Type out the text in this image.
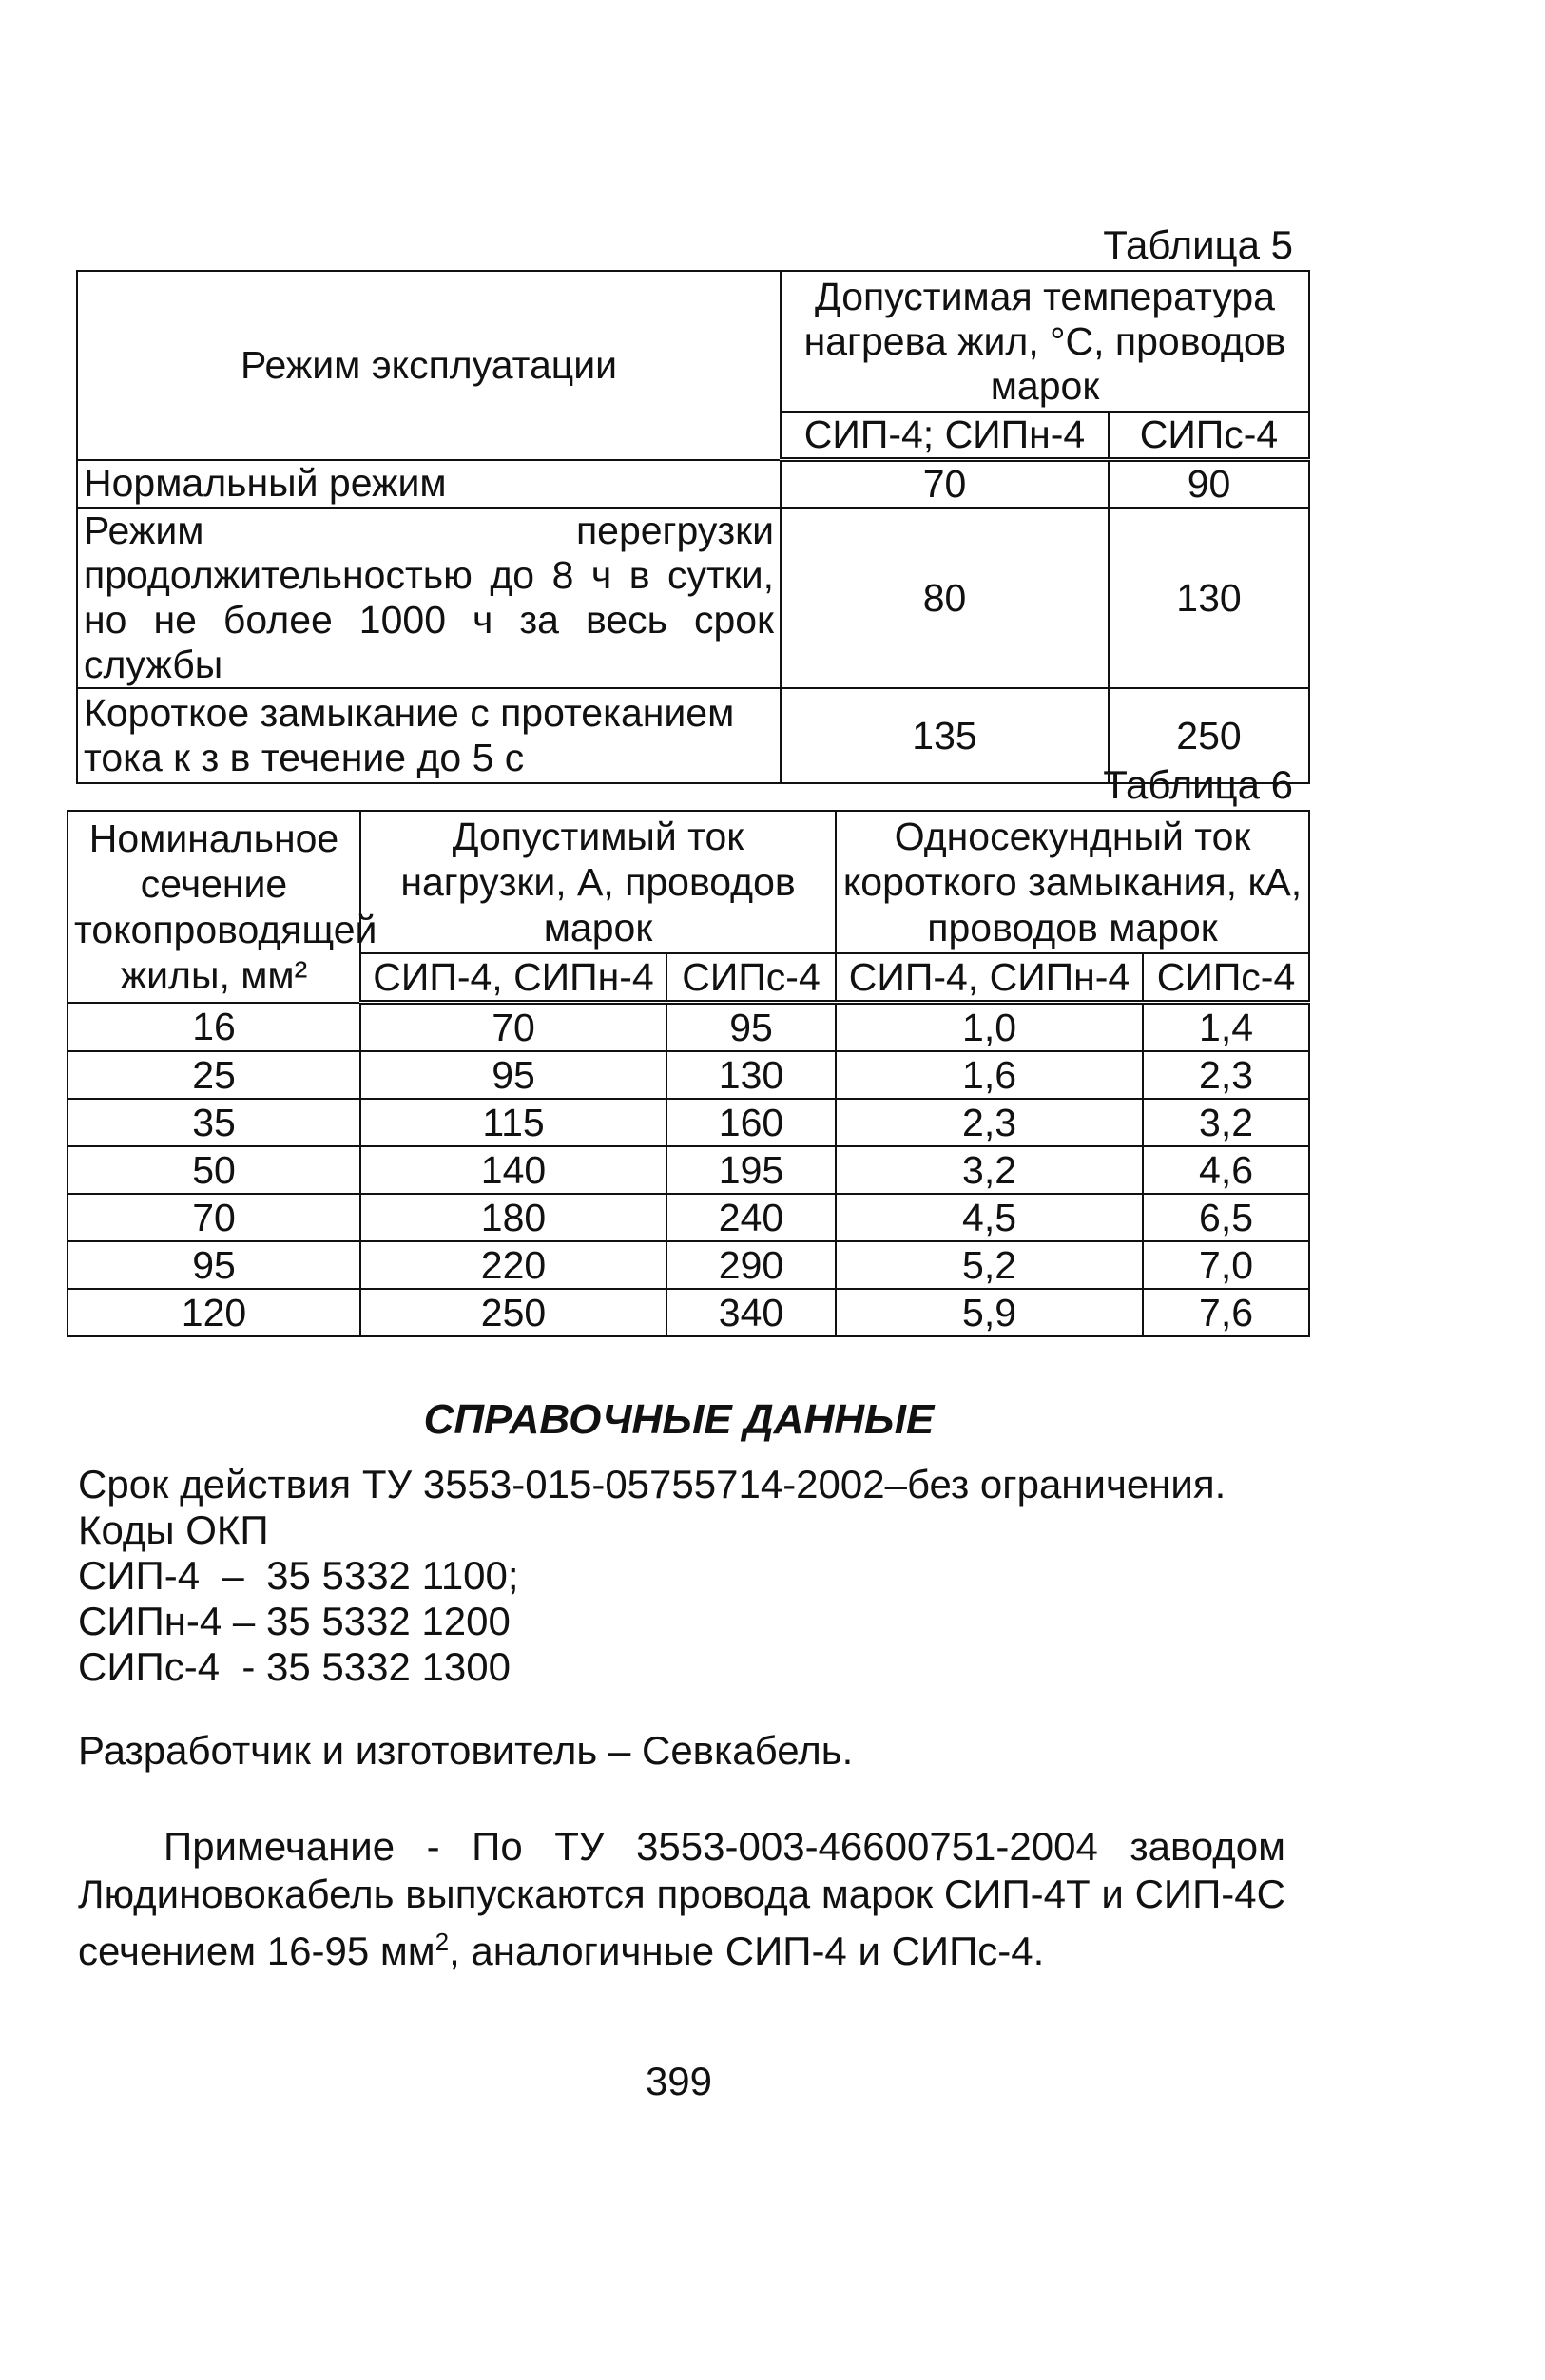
Таблица 5
Режим эксплуатации	Допустимая температура нагрева жил, °С, проводов марок	
	СИП-4; СИПн-4	СИПс-4
Нормальный режим	70	90
Режим перегрузки продолжительностью до 8 ч в сутки, но не более 1000 ч за весь срок службы	80	130
Короткое замыкание с протеканием тока к з в течение до 5 с	135	250
Таблица 6
Номинальное сечение токопроводящей жилы, мм²	Допустимый ток нагрузки, А, проводов марок		Односекундный ток короткого замыкания, кА, проводов марок	
	СИП-4, СИПн-4	СИПс-4	СИП-4, СИПн-4	СИПс-4
16	70	95	1,0	1,4
25	95	130	1,6	2,3
35	115	160	2,3	3,2
50	140	195	3,2	4,6
70	180	240	4,5	6,5
95	220	290	5,2	7,0
120	250	340	5,9	7,6
СПРАВОЧНЫЕ ДАННЫЕ
Срок действия ТУ 3553-015-05755714-2002–без ограничения.
Коды ОКП
СИП-4  –  35 5332 1100;
СИПн-4 – 35 5332 1200
СИПс-4  - 35 5332 1300
Разработчик и изготовитель – Севкабель.
Примечание - По ТУ 3553-003-46600751-2004 заводом
Людиновокабель выпускаются провода марок СИП-4Т и СИП-4С
сечением 16-95 $мм^2$, аналогичные СИП-4 и СИПс-4.
399
